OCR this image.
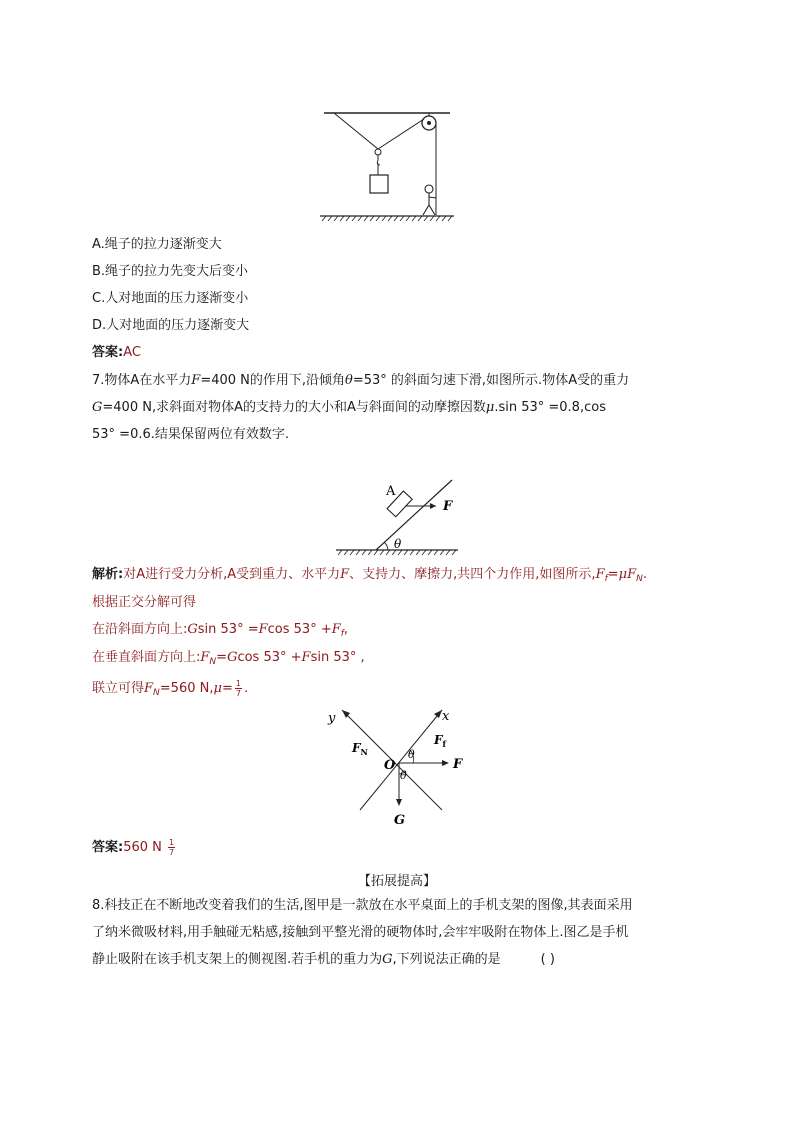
A.绳子的拉力逐渐变大
B.绳子的拉力先变大后变小
C.人对地面的压力逐渐变小
D.人对地面的压力逐渐变大
答案:AC
7.物体A在水平力F=400 N的作用下,沿倾角θ=53° 的斜面匀速下滑,如图所示.物体A受的重力
G=400 N,求斜面对物体A的支持力的大小和A与斜面间的动摩擦因数μ.sin 53° =0.8,cos
53° =0.6.结果保留两位有效数字.
A
F
θ
解析:对A进行受力分析,A受到重力、水平力F、支持力、摩擦力,共四个力作用,如图所示$,F_f=\mu F_N$.
根据正交分解可得
在沿斜面方向上:Gsin 53° =Fcos $53^\circ +F_f$,
在垂直斜面方向上$:F_N=Gcos$ 53° +Fsin 53° ,
联立可得$F_N=560$ $N,\mu= \frac{1}{7}$ .
y	x
$F_N$
$F_f$
O
θ
θ
F
G
答案:560 N $\frac{1}{7}$
【拓展提高】
8.科技正在不断地改变着我们的生活,图甲是一款放在水平桌面上的手机支架的图像,其表面采用
了纳米微吸材料,用手触碰无粘感,接触到平整光滑的硬物体时,会牢牢吸附在物体上.图乙是手机
静止吸附在该手机支架上的侧视图.若手机的重力为G,下列说法正确的是	( )
